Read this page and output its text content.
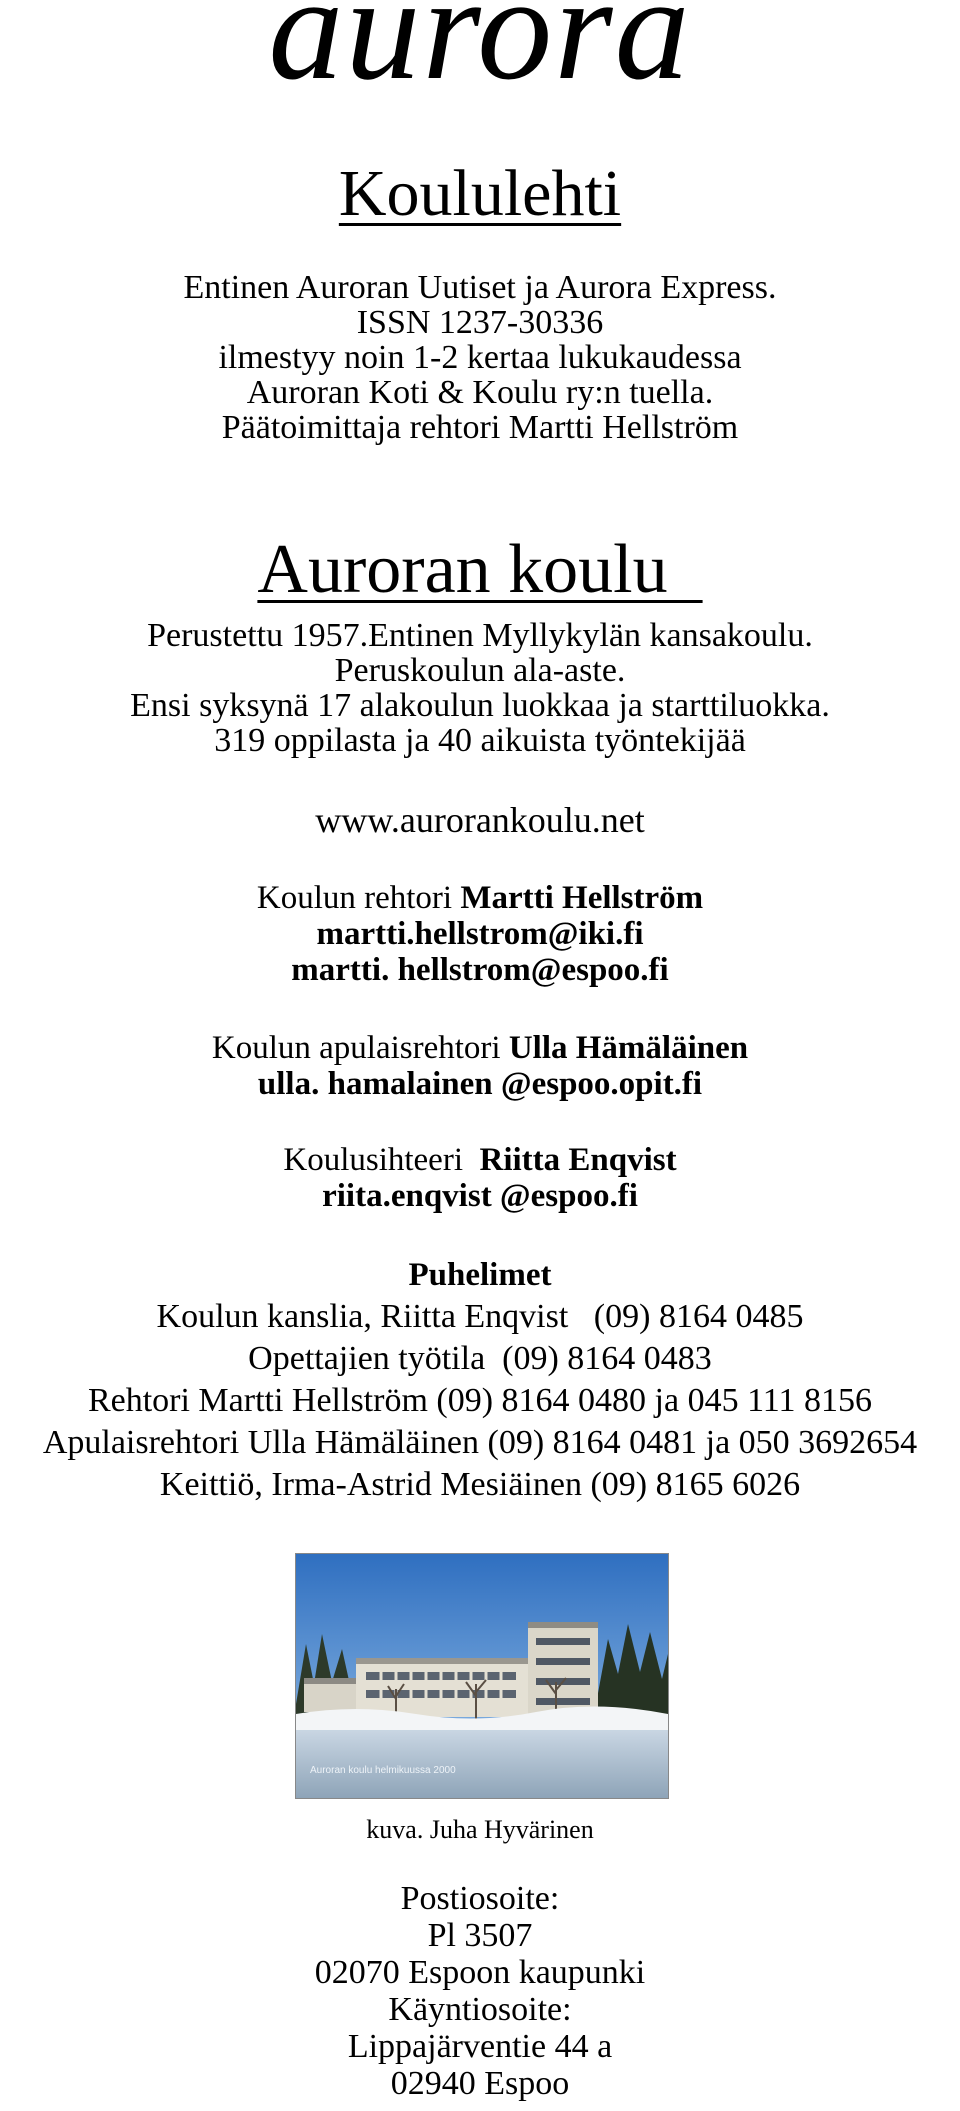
aurora
Koululehti
Entinen Auroran Uutiset ja Aurora Express.
ISSN 1237-30336
ilmestyy noin 1-2 kertaa lukukaudessa
Auroran Koti & Koulu ry:n tuella.
Päätoimittaja rehtori Martti Hellström
Auroran koulu
Perustettu 1957.Entinen Myllykylän kansakoulu.
Peruskoulun ala-aste.
Ensi syksynä 17 alakoulun luokkaa ja starttiluokka.
319 oppilasta ja 40 aikuista työntekijää
www.aurorankoulu.net
Koulun rehtori Martti Hellström
martti.hellstrom@iki.fi
martti. hellstrom@espoo.fi
Koulun apulaisrehtori Ulla Hämäläinen
ulla. hamalainen @espoo.opit.fi
Koulusihteeri  Riitta Enqvist
riita.enqvist @espoo.fi
Puhelimet
Koulun kanslia, Riitta Enqvist   (09) 8164 0485
Opettajien työtila  (09) 8164 0483
Rehtori Martti Hellström (09) 8164 0480 ja 045 111 8156
Apulaisrehtori Ulla Hämäläinen (09) 8164 0481 ja 050 3692654
Keittiö, Irma-Astrid Mesiäinen (09) 8165 6026
Auroran koulu helmikuussa 2000
kuva. Juha Hyvärinen
Postiosoite:
Pl 3507
02070 Espoon kaupunki
Käyntiosoite:
Lippajärventie 44 a
02940 Espoo
